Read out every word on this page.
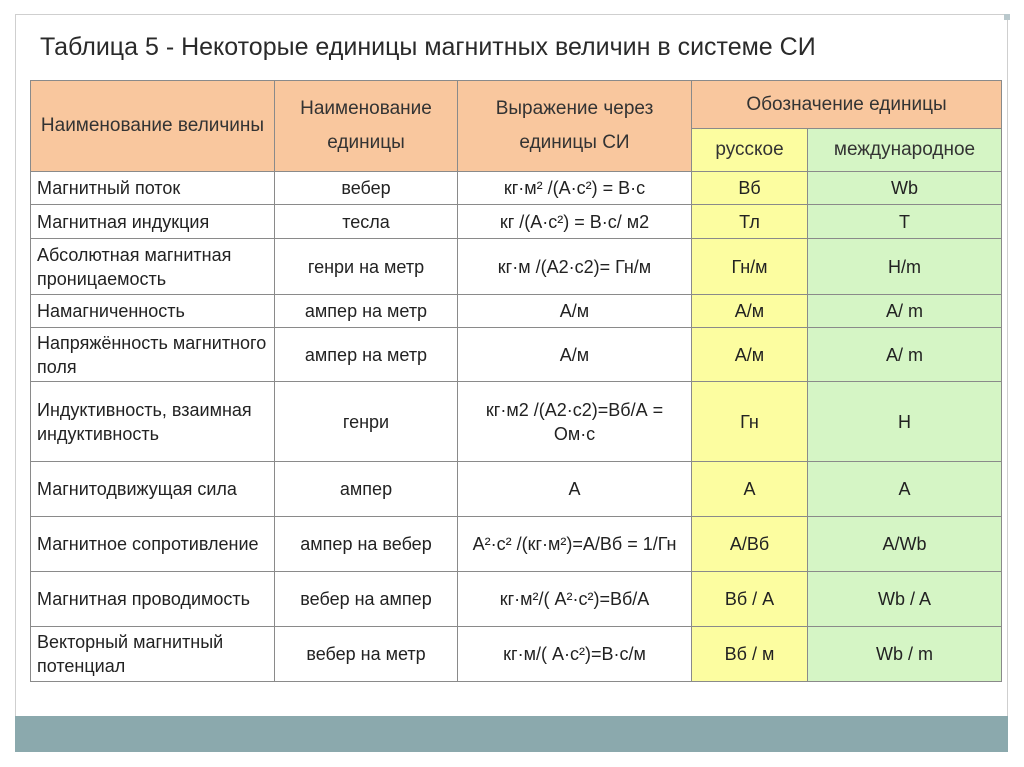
Таблица 5 - Некоторые единицы магнитных величин в системе СИ
Наименование величины	Наименование единицы	Выражение через единицы СИ	Обозначение единицы	
			русское	международное
Магнитный поток	вебер	кг·м² /(А·с²) = В·с	Вб	Wb
Магнитная индукция	тесла	кг /(А·с²) = В·с/ м2	Тл	T
Абсолютная магнитная проницаемость	генри на метр	кг·м /(А2·с2)= Гн/м	Гн/м	H/m
Намагниченность	ампер на метр	А/м	А/м	A/ m
Напряжённость магнитного поля	ампер на метр	А/м	А/м	A/ m
Индуктивность, взаимная индуктивность	генри	кг·м2 /(А2·с2)=Вб/А = Ом·с	Гн	H
Магнитодвижущая сила	ампер	А	А	A
Магнитное сопротивление	ампер на вебер	А²·с² /(кг·м²)=А/Вб = 1/Гн	А/Вб	A/Wb
Магнитная проводимость	вебер на ампер	кг·м²/( А²·с²)=Вб/А	Вб / А	Wb / A
Векторный магнитный потенциал	вебер на метр	кг·м/( А·с²)=В·с/м	Вб / м	Wb / m
